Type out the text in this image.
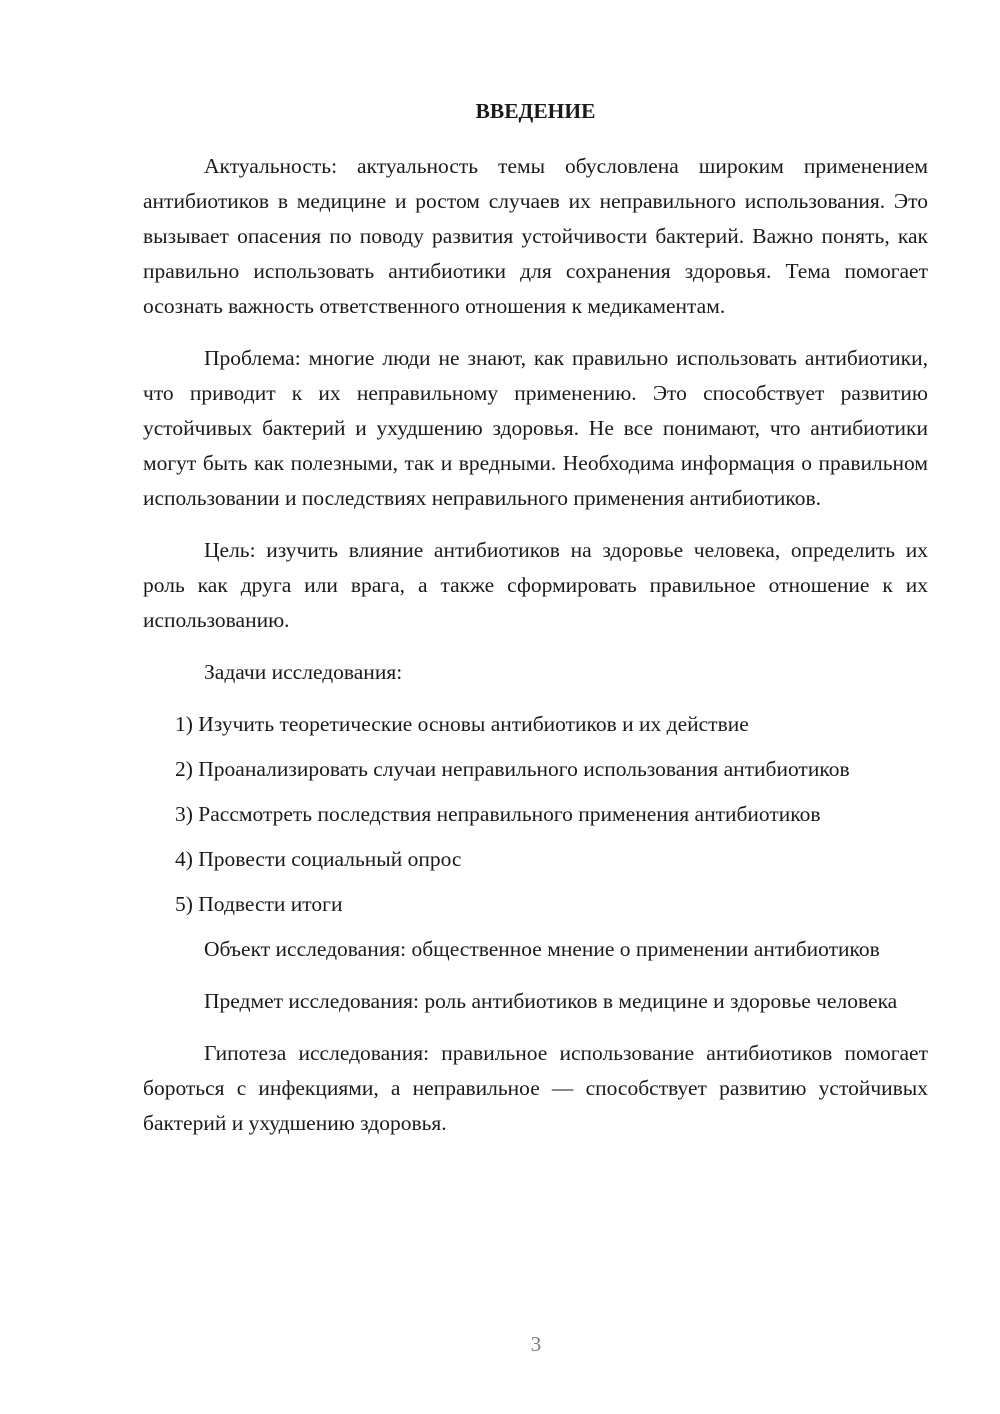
ВВЕДЕНИЕ

Актуальность: актуальность темы обусловлена широким применением антибиотиков в медицине и ростом случаев их неправильного использования. Это вызывает опасения по поводу развития устойчивости бактерий. Важно понять, как правильно использовать антибиотики для сохранения здоровья. Тема помогает осознать важность ответственного отношения к медикаментам.

Проблема: многие люди не знают, как правильно использовать антибиотики, что приводит к их неправильному применению. Это способствует развитию устойчивых бактерий и ухудшению здоровья. Не все понимают, что антибиотики могут быть как полезными, так и вредными. Необходима информация о правильном использовании и последствиях неправильного применения антибиотиков.

Цель: изучить влияние антибиотиков на здоровье человека, определить их роль как друга или врага, а также сформировать правильное отношение к их использованию.

Задачи исследования:

1) Изучить теоретические основы антибиотиков и их действие

2) Проанализировать случаи неправильного использования антибиотиков

3) Рассмотреть последствия неправильного применения антибиотиков

4) Провести социальный опрос

5) Подвести итоги

Объект исследования: общественное мнение о применении антибиотиков

Предмет исследования: роль антибиотиков в медицине и здоровье человека

Гипотеза исследования: правильное использование антибиотиков помогает бороться с инфекциями, а неправильное — способствует развитию устойчивых бактерий и ухудшению здоровья.

3
